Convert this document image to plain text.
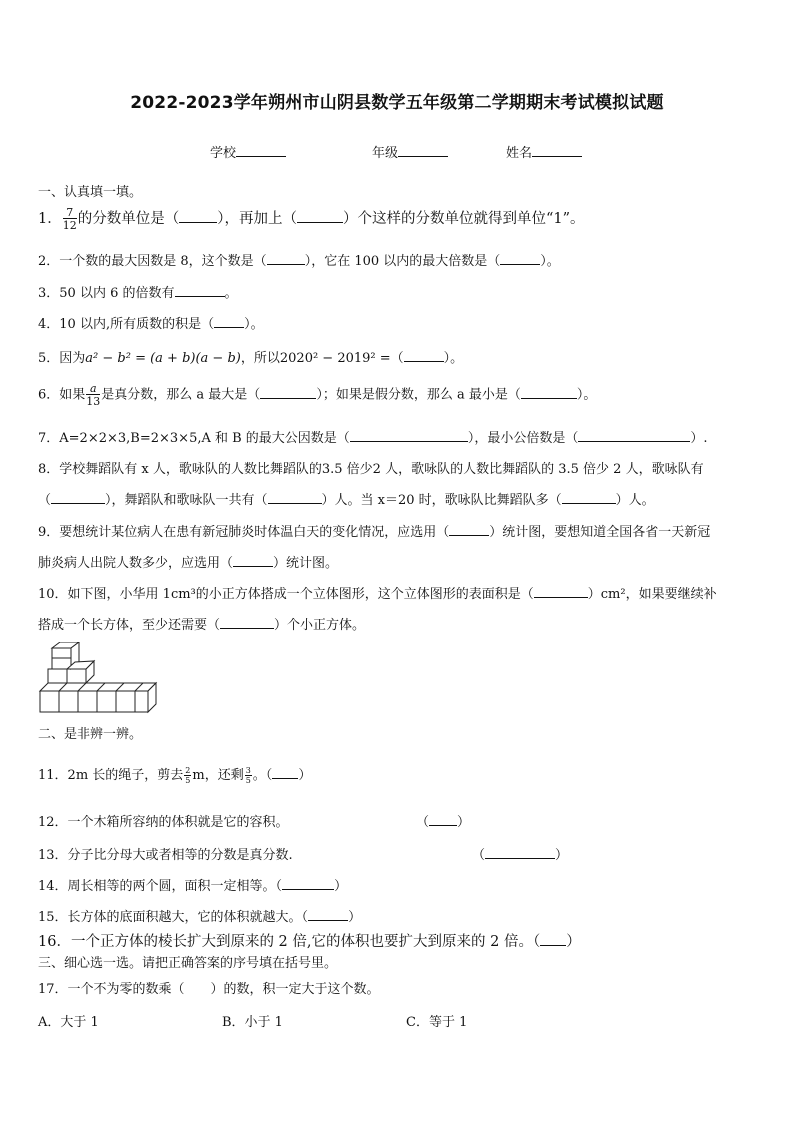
2022-2023学年朔州市山阴县数学五年级第二学期期末考试模拟试题
学校	年级	姓名
一、认真填一填。
1． $\frac{7}{12}$ 的分数单位是（	），再加上（	）个这样的分数单位就得到单位“1”。
2．一个数的最大因数是 8，这个数是（	），它在 100 以内的最大倍数是（	）。
3．50 以内 6 的倍数有	。
4．10 以内,所有质数的积是（ ）。
5．因为a² − b² = (a + b)(a − b)，所以2020² − 2019² =（	）。
6．如果 $\frac{a}{13}$ 是真分数，那么 a 最大是（	）；如果是假分数，那么 a 最小是（	）。
7．A=2×2×3,B=2×3×5,A 和 B 的最大公因数是（	），最小公倍数是（	）.
8．学校舞蹈队有 x 人，歌咏队的人数比舞蹈队的3.5 倍少2 人，歌咏队的人数比舞蹈队的 3.5 倍少 2 人，歌咏队有
（	），舞蹈队和歌咏队一共有（	）人。当 x＝20 时，歌咏队比舞蹈队多（	）人。
9．要想统计某位病人在患有新冠肺炎时体温白天的变化情况，应选用（	）统计图，要想知道全国各省一天新冠
肺炎病人出院人数多少，应选用（	）统计图。
10．如下图，小华用 1cm³的小正方体搭成一个立体图形，这个立体图形的表面积是（	）cm²，如果要继续补
搭成一个长方体，至少还需要（	）个小正方体。
二、是非辨一辨。
11．2m 长的绳子，剪去 $\frac{2}{5}$ m，还剩 $\frac{3}{5}$ 。（ ）
12．一个木箱所容纳的体积就是它的容积。	（ ）
13．分子比分母大或者相等的分数是真分数.	（	）
14．周长相等的两个圆，面积一定相等。（	）
15．长方体的底面积越大，它的体积就越大。（	）
16．一个正方体的棱长扩大到原来的 2 倍,它的体积也要扩大到原来的 2 倍。（ ）
三、细心选一选。请把正确答案的序号填在括号里。
17．一个不为零的数乘（　　）的数，积一定大于这个数。
A．大于 1	B．小于 1	C．等于 1
